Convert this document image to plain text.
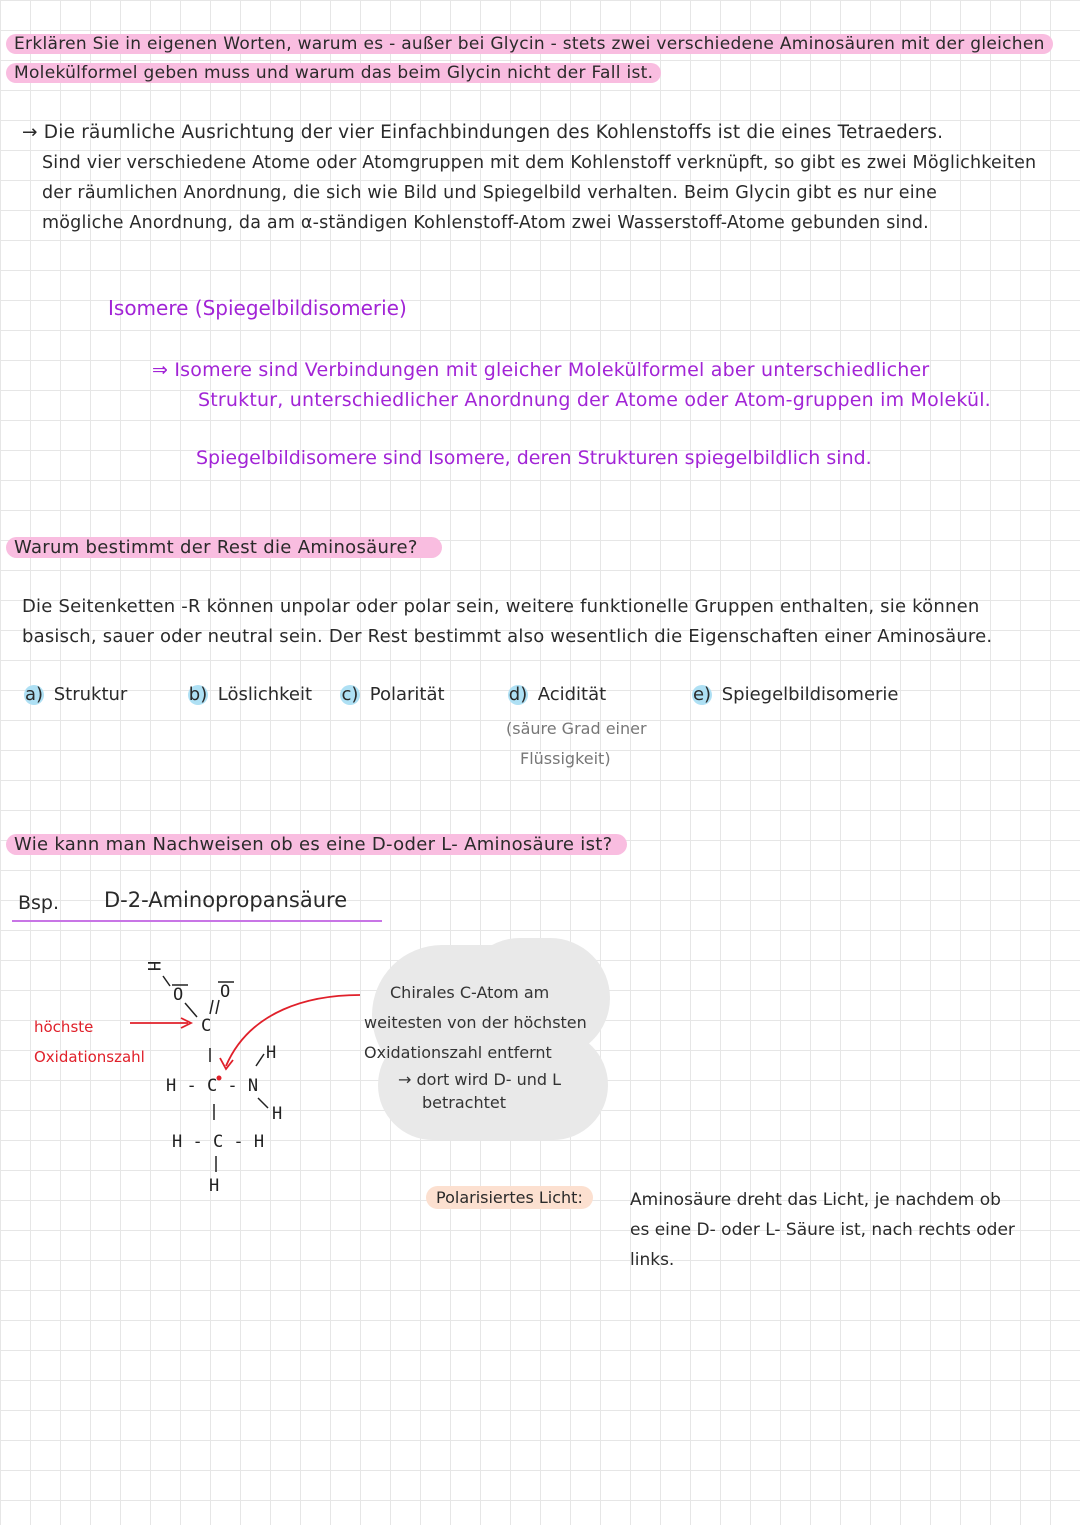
Erklären Sie in eigenen Worten, warum es - außer bei Glycin - stets zwei verschiedene Aminosäuren mit der gleichen
Molekülformel geben muss und warum das beim Glycin nicht der Fall ist.
→ Die räumliche Ausrichtung der vier Einfachbindungen des Kohlenstoffs ist die eines Tetraeders.
Sind vier verschiedene Atome oder Atomgruppen mit dem Kohlenstoff verknüpft, so gibt es zwei Möglichkeiten
der räumlichen Anordnung, die sich wie Bild und Spiegelbild verhalten. Beim Glycin gibt es nur eine
mögliche Anordnung, da am α-ständigen Kohlenstoff-Atom zwei Wasserstoff-Atome gebunden sind.
Isomere (Spiegelbildisomerie)
⇒ Isomere sind Verbindungen mit gleicher Molekülformel aber unterschiedlicher
Struktur, unterschiedlicher Anordnung der Atome oder Atom-gruppen im Molekül.
Spiegelbildisomere sind Isomere, deren Strukturen spiegelbildlich sind.
Warum bestimmt der Rest die Aminosäure?
Die Seitenketten -R können unpolar oder polar sein, weitere funktionelle Gruppen enthalten, sie können
basisch, sauer oder neutral sein. Der Rest bestimmt also wesentlich die Eigenschaften einer Aminosäure.
a) Struktur	b) Löslichkeit c) Polarität	d) Acidität	e) Spiegelbildisomerie
(säure Grad einer
Flüssigkeit)
Wie kann man Nachweisen ob es eine D-oder L- Aminosäure ist?
Bsp. D-2-Aminopropansäure
höchste
Oxidationszahl
H
O O
C
H - C - N
H
H
H - C - H
H
Chirales C-Atom am
weitesten von der höchsten
Oxidationszahl entfernt
→ dort wird D- und L
betrachtet
Polarisiertes Licht:	Aminosäure dreht das Licht, je nachdem ob
es eine D- oder L- Säure ist, nach rechts oder
links.
